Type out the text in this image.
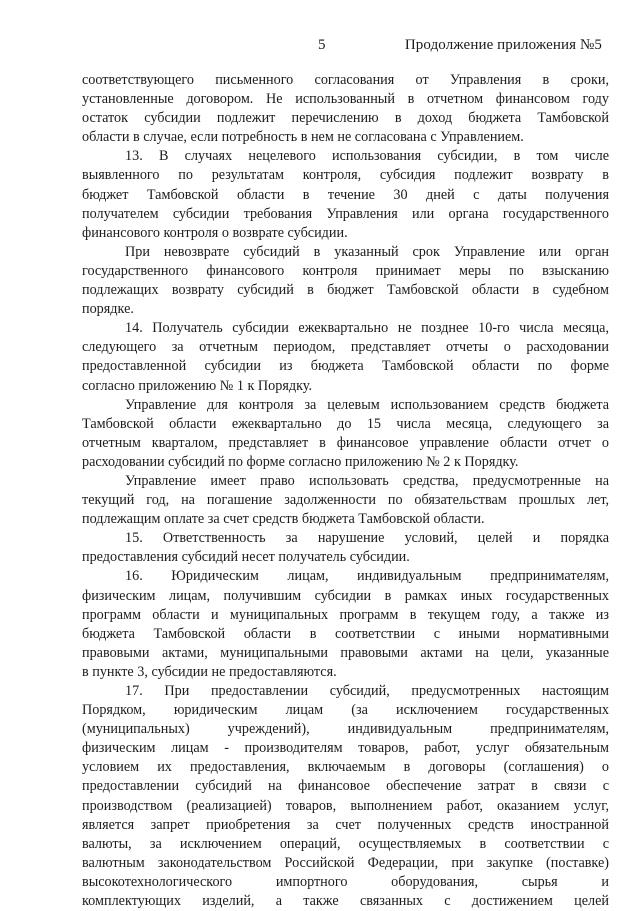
5	Продолжение приложения №5
соответствующего письменного согласования от Управления в сроки,
установленные договором. Не использованный в отчетном финансовом году
остаток субсидии подлежит перечислению в доход бюджета Тамбовской
области в случае, если потребность в нем не согласована с Управлением.
13. В случаях нецелевого использования субсидии, в том числе
выявленного по результатам контроля, субсидия подлежит возврату в
бюджет Тамбовской области в течение 30 дней с даты получения
получателем субсидии требования Управления или органа государственного
финансового контроля о возврате субсидии.
При невозврате субсидий в указанный срок Управление или орган
государственного финансового контроля принимает меры по взысканию
подлежащих возврату субсидий в бюджет Тамбовской области в судебном
порядке.
14. Получатель субсидии ежеквартально не позднее 10-го числа месяца,
следующего за отчетным периодом, представляет отчеты о расходовании
предоставленной субсидии из бюджета Тамбовской области по форме
согласно приложению № 1 к Порядку.
Управление для контроля за целевым использованием средств бюджета
Тамбовской области ежеквартально до 15 числа месяца, следующего за
отчетным кварталом, представляет в финансовое управление области отчет о
расходовании субсидий по форме согласно приложению № 2 к Порядку.
Управление имеет право использовать средства, предусмотренные на
текущий год, на погашение задолженности по обязательствам прошлых лет,
подлежащим оплате за счет средств бюджета Тамбовской области.
15. Ответственность за нарушение условий, целей и порядка
предоставления субсидий несет получатель субсидии.
16. Юридическим лицам, индивидуальным предпринимателям,
физическим лицам, получившим субсидии в рамках иных государственных
программ области и муниципальных программ в текущем году, а также из
бюджета Тамбовской области в соответствии с иными нормативными
правовыми актами, муниципальными правовыми актами на цели, указанные
в пункте 3, субсидии не предоставляются.
17. При предоставлении субсидий, предусмотренных настоящим
Порядком, юридическим лицам (за исключением государственных
(муниципальных) учреждений), индивидуальным предпринимателям,
физическим лицам - производителям товаров, работ, услуг обязательным
условием их предоставления, включаемым в договоры (соглашения) о
предоставлении субсидий на финансовое обеспечение затрат в связи с
производством (реализацией) товаров, выполнением работ, оказанием услуг,
является запрет приобретения за счет полученных средств иностранной
валюты, за исключением операций, осуществляемых в соответствии с
валютным законодательством Российской Федерации, при закупке (поставке)
высокотехнологического импортного оборудования, сырья и
комплектующих изделий, а также связанных с достижением целей
